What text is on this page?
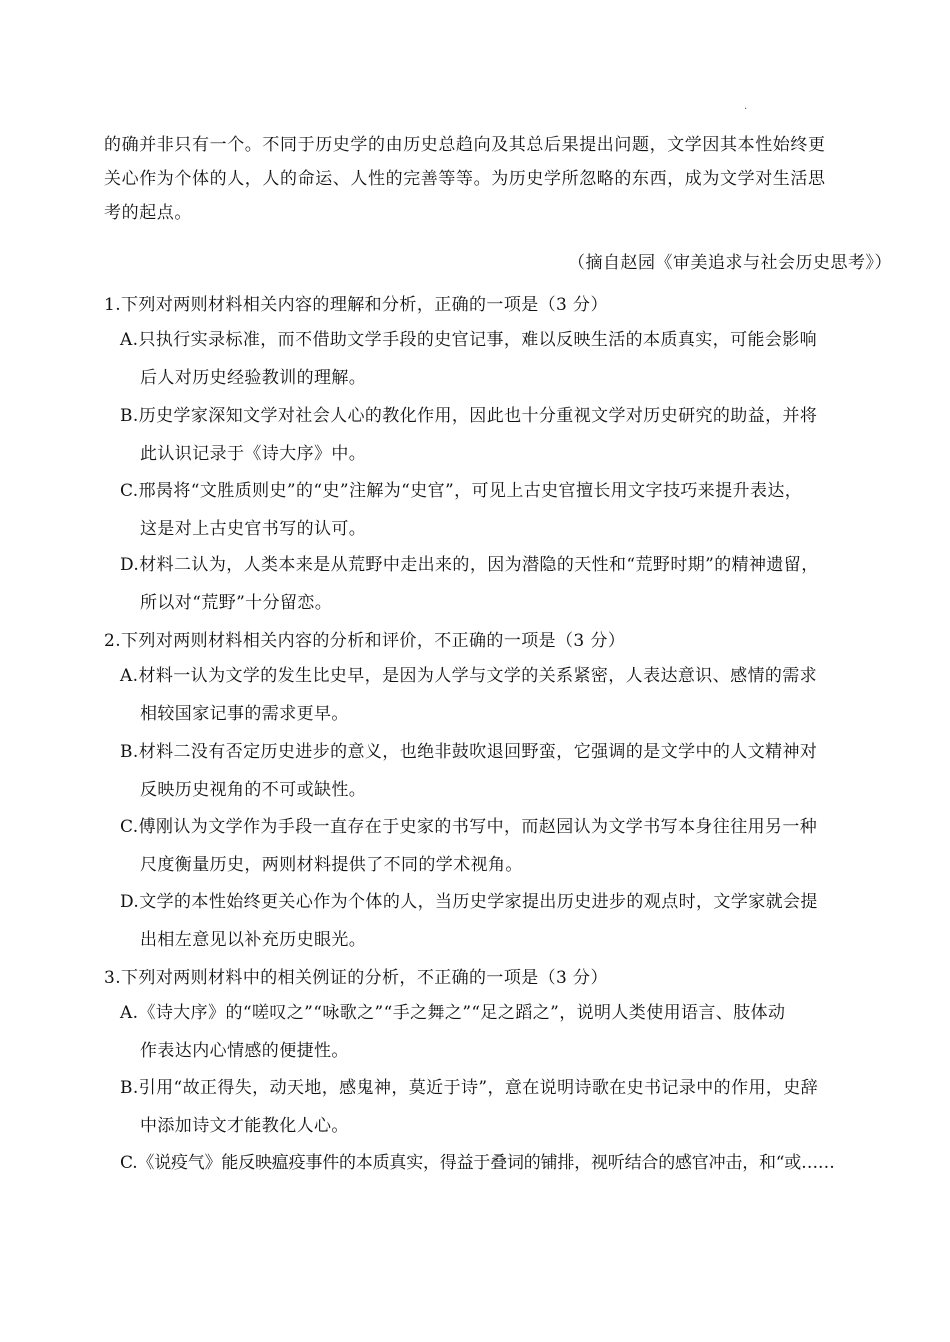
·
的确并非只有一个。不同于历史学的由历史总趋向及其总后果提出问题，文学因其本性始终更
关心作为个体的人，人的命运、人性的完善等等。为历史学所忽略的东西，成为文学对生活思
考的起点。
（摘自赵园《审美追求与社会历史思考》）
1.下列对两则材料相关内容的理解和分析，正确的一项是（3 分）
A.只执行实录标准，而不借助文学手段的史官记事，难以反映生活的本质真实，可能会影响
后人对历史经验教训的理解。
B.历史学家深知文学对社会人心的教化作用，因此也十分重视文学对历史研究的助益，并将
此认识记录于《诗大序》中。
C.邢昺将“文胜质则史”的“史”注解为“史官”，可见上古史官擅长用文字技巧来提升表达，
这是对上古史官书写的认可。
D.材料二认为，人类本来是从荒野中走出来的，因为潜隐的天性和“荒野时期”的精神遗留，
所以对“荒野”十分留恋。
2.下列对两则材料相关内容的分析和评价，不正确的一项是（3 分）
A.材料一认为文学的发生比史早，是因为人学与文学的关系紧密，人表达意识、感情的需求
相较国家记事的需求更早。
B.材料二没有否定历史进步的意义，也绝非鼓吹退回野蛮，它强调的是文学中的人文精神对
反映历史视角的不可或缺性。
C.傅刚认为文学作为手段一直存在于史家的书写中，而赵园认为文学书写本身往往用另一种
尺度衡量历史，两则材料提供了不同的学术视角。
D.文学的本性始终更关心作为个体的人，当历史学家提出历史进步的观点时，文学家就会提
出相左意见以补充历史眼光。
3.下列对两则材料中的相关例证的分析，不正确的一项是（3 分）
A.《诗大序》的“嗟叹之”“咏歌之”“手之舞之”“足之蹈之”，说明人类使用语言、肢体动
作表达内心情感的便捷性。
B.引用“故正得失，动天地，感鬼神，莫近于诗”，意在说明诗歌在史书记录中的作用，史辞
中添加诗文才能教化人心。
C.《说疫气》能反映瘟疫事件的本质真实，得益于叠词的铺排，视听结合的感官冲击，和“或……
